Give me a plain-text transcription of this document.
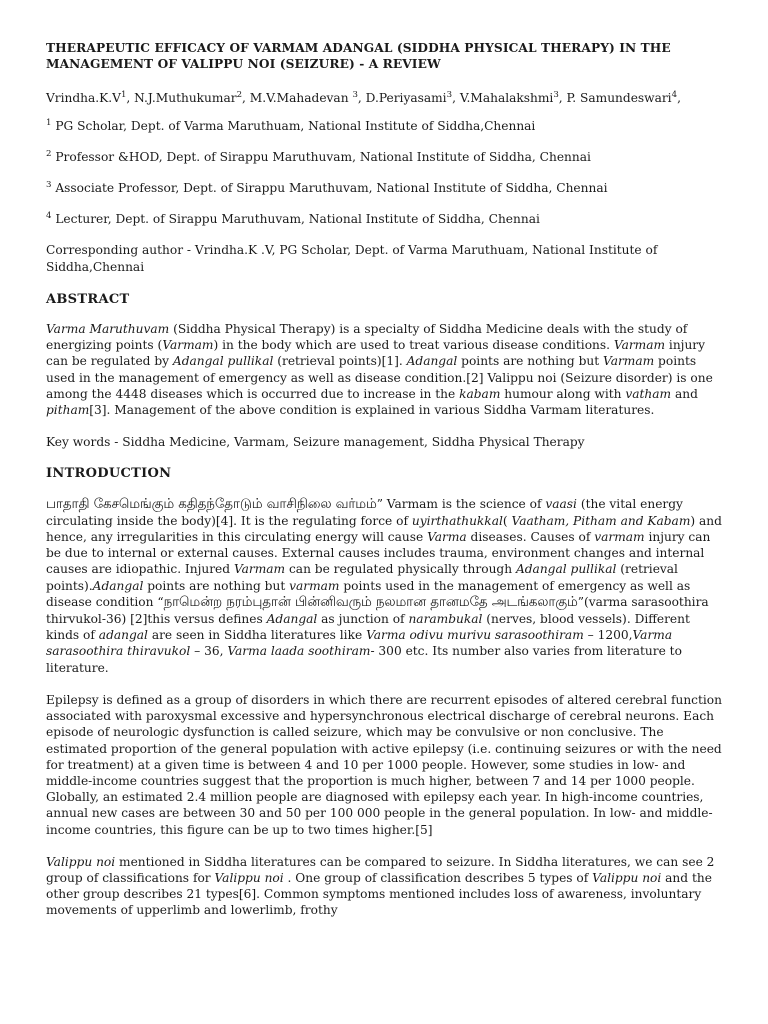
THERAPEUTIC EFFICACY OF VARMAM ADANGAL (SIDDHA PHYSICAL THERAPY) IN THE MANAGEMENT OF VALIPPU NOI (SEIZURE) - A REVIEW
$Vrindha.K.V^1$, N.J.Muthukumar$^2$, M.V.Mahadevan $^3$, D.Periyasami$^3$, V.Mahalakshmi$^3$, P. Samundeswari$^4$,
$^1$ PG Scholar, Dept. of Varma Maruthuam, National Institute of Siddha,Chennai
$^2$ Professor &HOD, Dept. of Sirappu Maruthuvam, National Institute of Siddha, Chennai
$^3$ Associate Professor, Dept. of Sirappu Maruthuvam, National Institute of Siddha, Chennai
$^4$ Lecturer, Dept. of Sirappu Maruthuvam, National Institute of Siddha, Chennai
Corresponding author - Vrindha.K .V, PG Scholar, Dept. of Varma Maruthuam, National Institute of Siddha,Chennai
ABSTRACT

Varma Maruthuvam (Siddha Physical Therapy) is a specialty of Siddha Medicine deals with the study of energizing points (Varmam) in the body which are used to treat various disease conditions. Varmam injury can be regulated by Adangal pullikal (retrieval points)[1]. Adangal points are nothing but Varmam points used in the management of emergency as well as disease condition.[2] Valippu noi (Seizure disorder) is one among the 4448 diseases which is occurred due to increase in the kabam humour along with vatham and pitham[3]. Management of the above condition is explained in various Siddha Varmam literatures.

Key words - Siddha Medicine, Varmam, Seizure management, Siddha Physical Therapy

INTRODUCTION

பாதாதி கேசமெங்கும் கதிதந்தோடும் வாசிநிலை வர்மம்” Varmam is the science of vaasi (the vital energy circulating inside the body)[4]. It is the regulating force of uyirthathukkal( Vaatham, Pitham and Kabam) and hence, any irregularities in this circulating energy will cause Varma diseases. Causes of varmam injury can be due to internal or external causes. External causes includes trauma, environment changes and internal causes are idiopathic. Injured Varmam can be regulated physically through Adangal pullikal (retrieval points).Adangal points are nothing but varmam points used in the management of emergency as well as disease condition “நாமென்ற நரம்புதான் பின்னிவரும் நலமான தானமதே அடங்கலாகும்”(varma sarasoothira thirvukol-36) [2]this versus defines Adangal as junction of narambukal (nerves, blood vessels). Different kinds of adangal are seen in Siddha literatures like Varma odivu murivu sarasoothiram – 1200,Varma sarasoothira thiravukol – 36, Varma laada soothiram- 300 etc. Its number also varies from literature to literature.

Epilepsy is defined as a group of disorders in which there are recurrent episodes of altered cerebral function associated with paroxysmal excessive and hypersynchronous electrical discharge of cerebral neurons. Each episode of neurologic dysfunction is called seizure, which may be convulsive or non conclusive. The estimated proportion of the general population with active epilepsy (i.e. continuing seizures or with the need for treatment) at a given time is between 4 and 10 per 1000 people. However, some studies in low- and middle-income countries suggest that the proportion is much higher, between 7 and 14 per 1000 people. Globally, an estimated 2.4 million people are diagnosed with epilepsy each year. In high-income countries, annual new cases are between 30 and 50 per 100 000 people in the general population. In low- and middle-income countries, this figure can be up to two times higher.[5]

Valippu noi mentioned in Siddha literatures can be compared to seizure. In Siddha literatures, we can see 2 group of classifications for Valippu noi . One group of classification describes 5 types of Valippu noi and the other group describes 21 types[6]. Common symptoms mentioned includes loss of awareness, involuntary movements of upperlimb and lowerlimb, frothy
